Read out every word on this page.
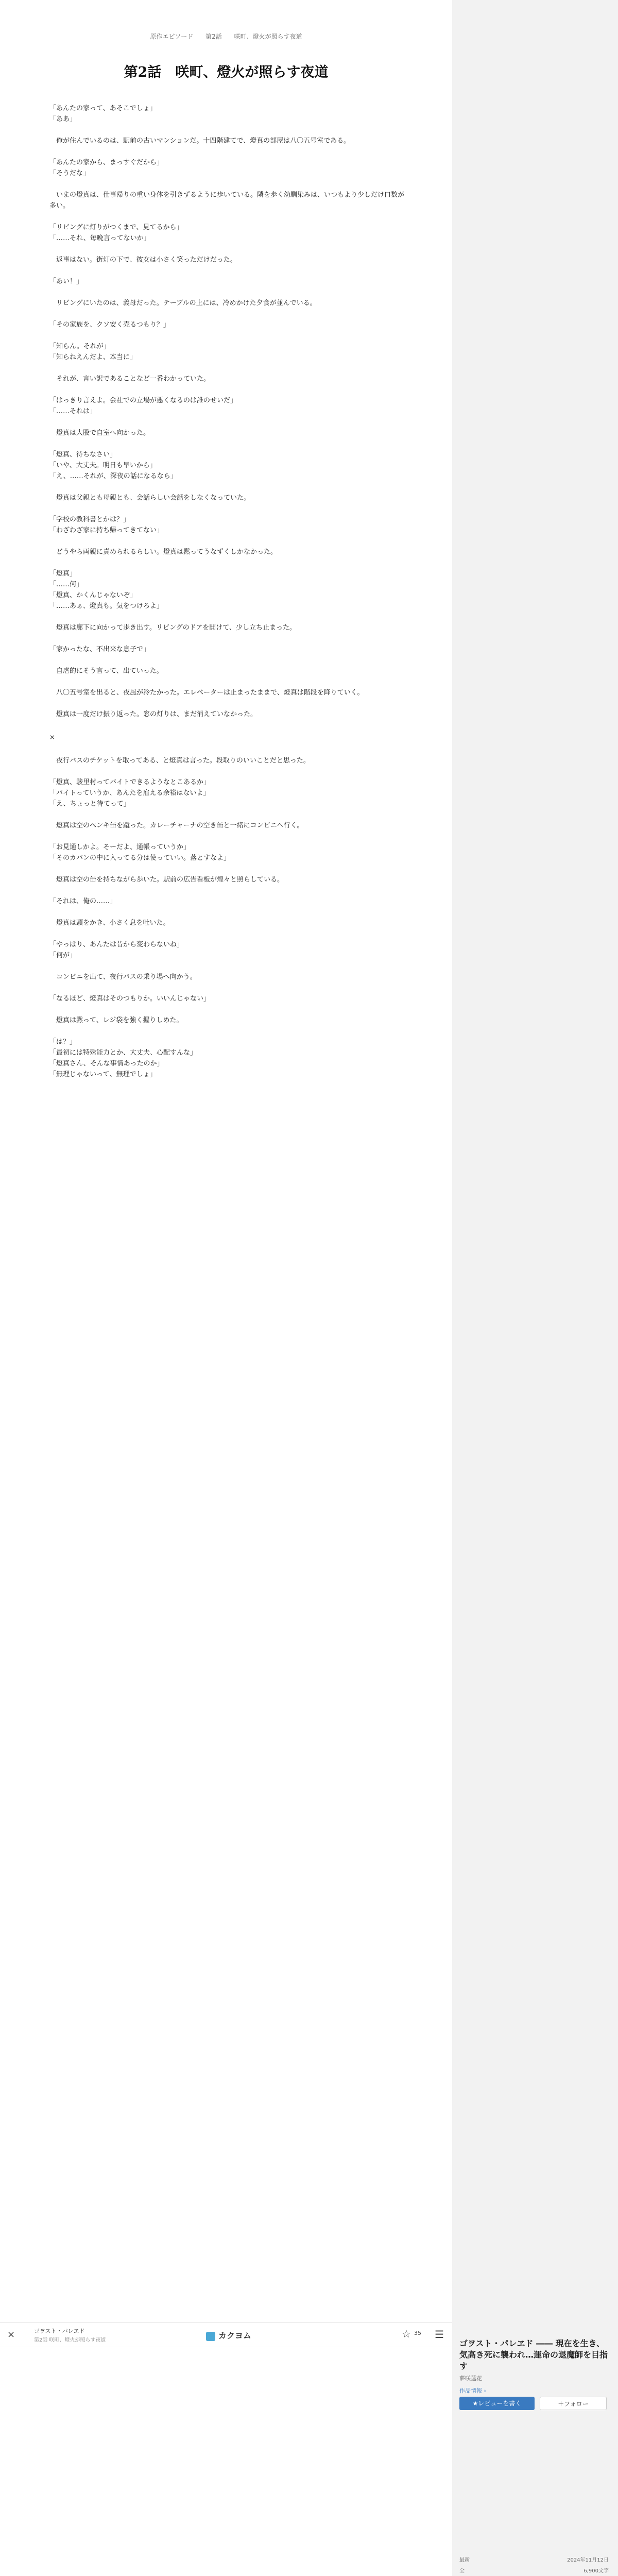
原作エピソード 第2話 咲町、燈火が照らす夜道
第2話　咲町、燈火が照らす夜道

「あんたの家って、あそこでしょ」

「ああ」

　俺が住んでいるのは、駅前の古いマンションだ。十四階建てで、燈真の部屋は八〇五号室である。

「あんたの家から、まっすぐだから」

「そうだな」

　いまの燈真は、仕事帰りの重い身体を引きずるように歩いている。隣を歩く幼馴染みは、いつもより少しだけ口数が多い。

「リビングに灯りがつくまで、見てるから」

「……それ、毎晩言ってないか」

　返事はない。街灯の下で、彼女は小さく笑っただけだった。

「あい！」

　リビングにいたのは、義母だった。テーブルの上には、冷めかけた夕食が並んでいる。

「その家族を、クソ安く売るつもり？」

「知らん。それが」

「知らねえんだよ、本当に」

　それが、言い訳であることなど一番わかっていた。

「はっきり言えよ。会社での立場が悪くなるのは誰のせいだ」

「……それは」

　燈真は大股で自室へ向かった。

「燈真、待ちなさい」

「いや、大丈夫。明日も早いから」

「え、……それが、深夜の話になるなら」

　燈真は父親とも母親とも、会話らしい会話をしなくなっていた。

「学校の教科書とかは？」

「わざわざ家に持ち帰ってきてない」

　どうやら両親に責められるらしい。燈真は黙ってうなずくしかなかった。

「燈真」

「……何」

「燈真、かくんじゃないぞ」

「……あぁ、燈真も。気をつけろよ」

　燈真は廊下に向かって歩き出す。リビングのドアを開けて、少し立ち止まった。

「家かったな、不出来な息子で」

　自虐的にそう言って、出ていった。

　八〇五号室を出ると、夜風が冷たかった。エレベーターは止まったままで、燈真は階段を降りていく。

　燈真は一度だけ振り返った。窓の灯りは、まだ消えていなかった。

×

　夜行バスのチケットを取ってある、と燈真は言った。段取りのいいことだと思った。

「燈真、駿里村ってバイトできるようなとこあるか」

「バイトっていうか、あんたを雇える余裕はないよ」

「え、ちょっと待てって」

　燈真は空のペンキ缶を蹴った。カレーチャーナの空き缶と一緒にコンビニへ行く。

「お見通しかよ。そーだよ、通帳っていうか」

「そのカバンの中に入ってる分は使っていい。落とすなよ」

　燈真は空の缶を持ちながら歩いた。駅前の広告看板が煌々と照らしている。

「それは、俺の……」

　燈真は頭をかき、小さく息を吐いた。

「やっぱり、あんたは昔から変わらないね」

「何が」

　コンビニを出て、夜行バスの乗り場へ向かう。

「なるほど、燈真はそのつもりか。いいんじゃない」

　燈真は黙って、レジ袋を強く握りしめた。

「は？」

「最初には特殊能力とか、大丈夫、心配すんな」

「燈真さん、そんな事情あったのか」

「無理じゃないって、無理でしょ」

×	ゴヲスト・パレヱド
第2話 咲町、燈火が照らす夜道	カクヨム	☆ 35 ☰
ゴヲスト・パレヱド ―― 現在を生き、気高き死に襲われ…運命の退魔師を目指す
夢咲蓮花
作品情報 ›
★レビューを書く	＋フォロー
最新	2024年11月12日
全	6,900文字
